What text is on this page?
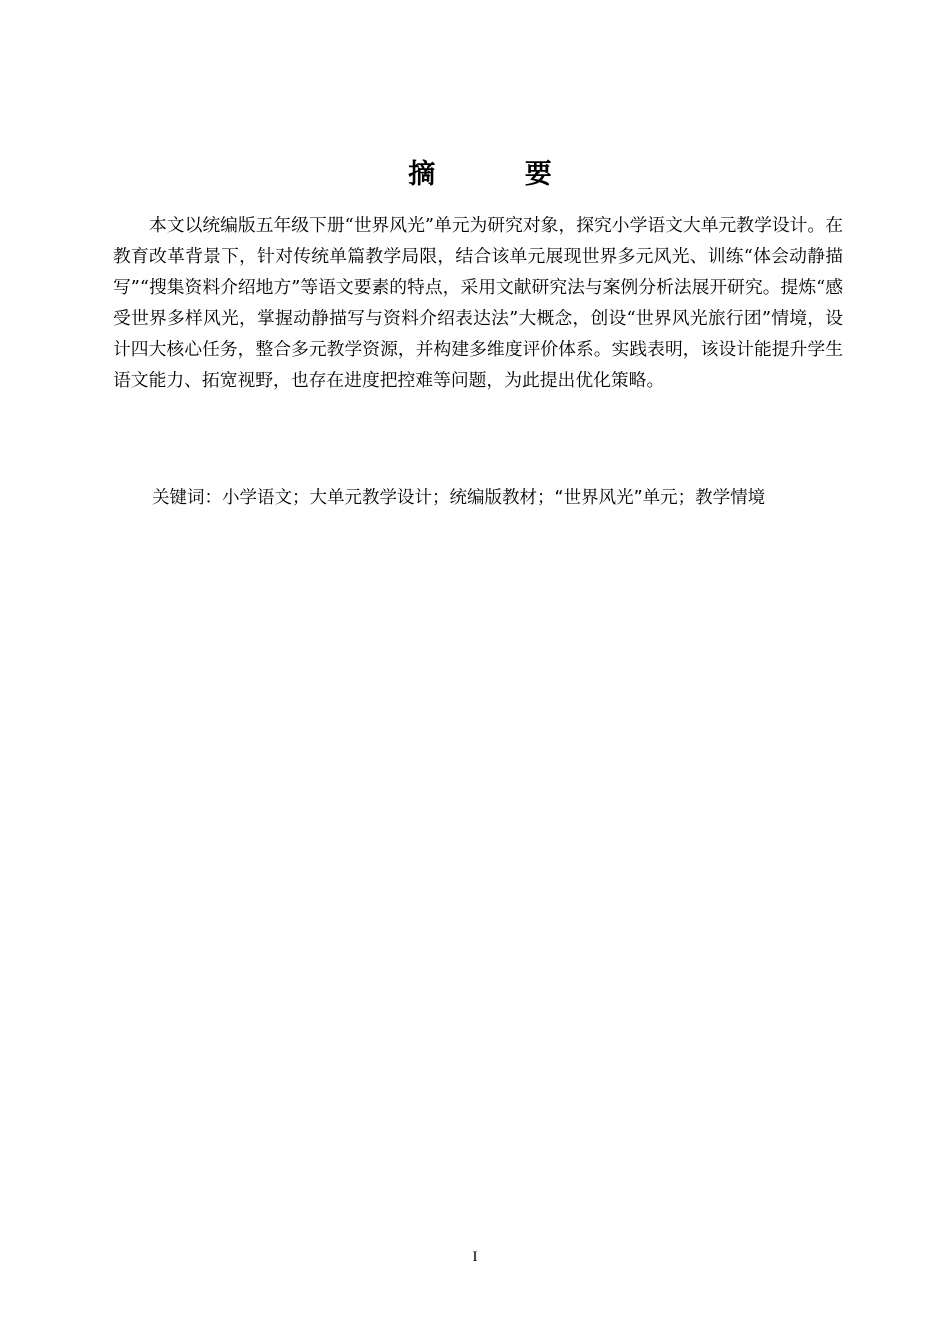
摘 要

本文以统编版五年级下册“世界风光”单元为研究对象，探究小学语文大单元教学设计。在教育改革背景下，针对传统单篇教学局限，结合该单元展现世界多元风光、训练“体会动静描写”“搜集资料介绍地方”等语文要素的特点，采用文献研究法与案例分析法展开研究。提炼“感受世界多样风光，掌握动静描写与资料介绍表达法”大概念，创设“世界风光旅行团”情境，设计四大核心任务，整合多元教学资源，并构建多维度评价体系。实践表明，该设计能提升学生语文能力、拓宽视野，也存在进度把控难等问题，为此提出优化策略。

关键词：小学语文；大单元教学设计；统编版教材；“世界风光”单元；教学情境
I
